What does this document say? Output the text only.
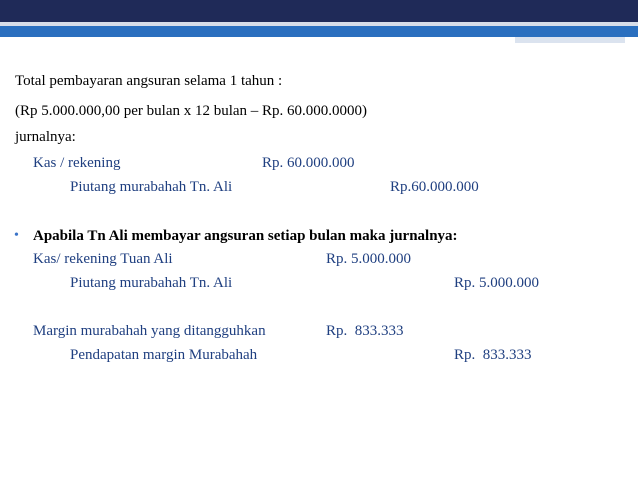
Total pembayaran angsuran selama 1 tahun :
(Rp 5.000.000,00 per bulan x 12 bulan – Rp. 60.000.0000)
jurnalnya:
Kas / rekening	Rp. 60.000.000
Piutang murabahah Tn. Ali	Rp.60.000.000
• Apabila Tn Ali membayar angsuran setiap bulan maka jurnalnya:
Kas/ rekening Tuan Ali	Rp. 5.000.000
Piutang murabahah Tn. Ali	Rp. 5.000.000
Margin murabahah yang ditangguhkan	Rp.  833.333
Pendapatan margin Murabahah	Rp.  833.333
